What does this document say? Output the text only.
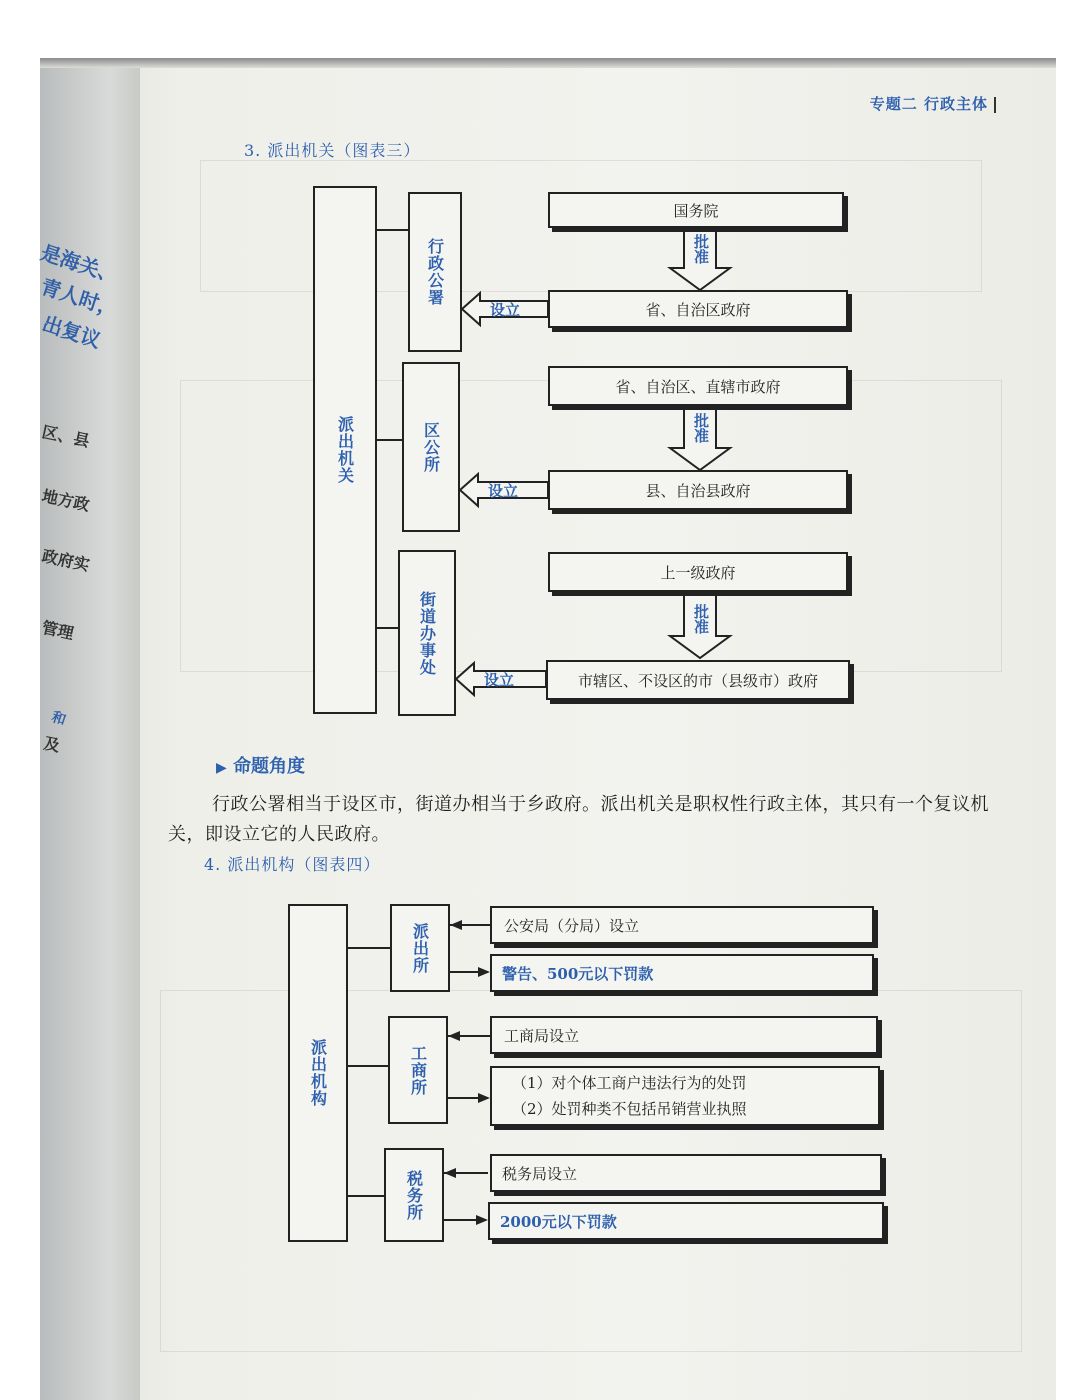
是海关、
青人时，
出复议
区、县
地方政
政府实
管理
和
及
专题二 行政主体
3. 派出机关（图表三）
派出机关
行政公署
区公所
街道办事处
设立
设立
设立
批准
批准
批准
国务院
省、自治区政府
省、自治区、直辖市政府
县、自治县政府
上一级政府
市辖区、不设区的市（县级市）政府
▶ 命题角度
行政公署相当于设区市，街道办相当于乡政府。派出机关是职权性行政主体，其只有一个复议机关，即设立它的人民政府。
4. 派出机构（图表四）
派出机构
派出所
工商所
税务所
公安局（分局）设立
警告、500元以下罚款
工商局设立
（1）对个体工商户违法行为的处罚
（2）处罚种类不包括吊销营业执照
税务局设立
2000元以下罚款
